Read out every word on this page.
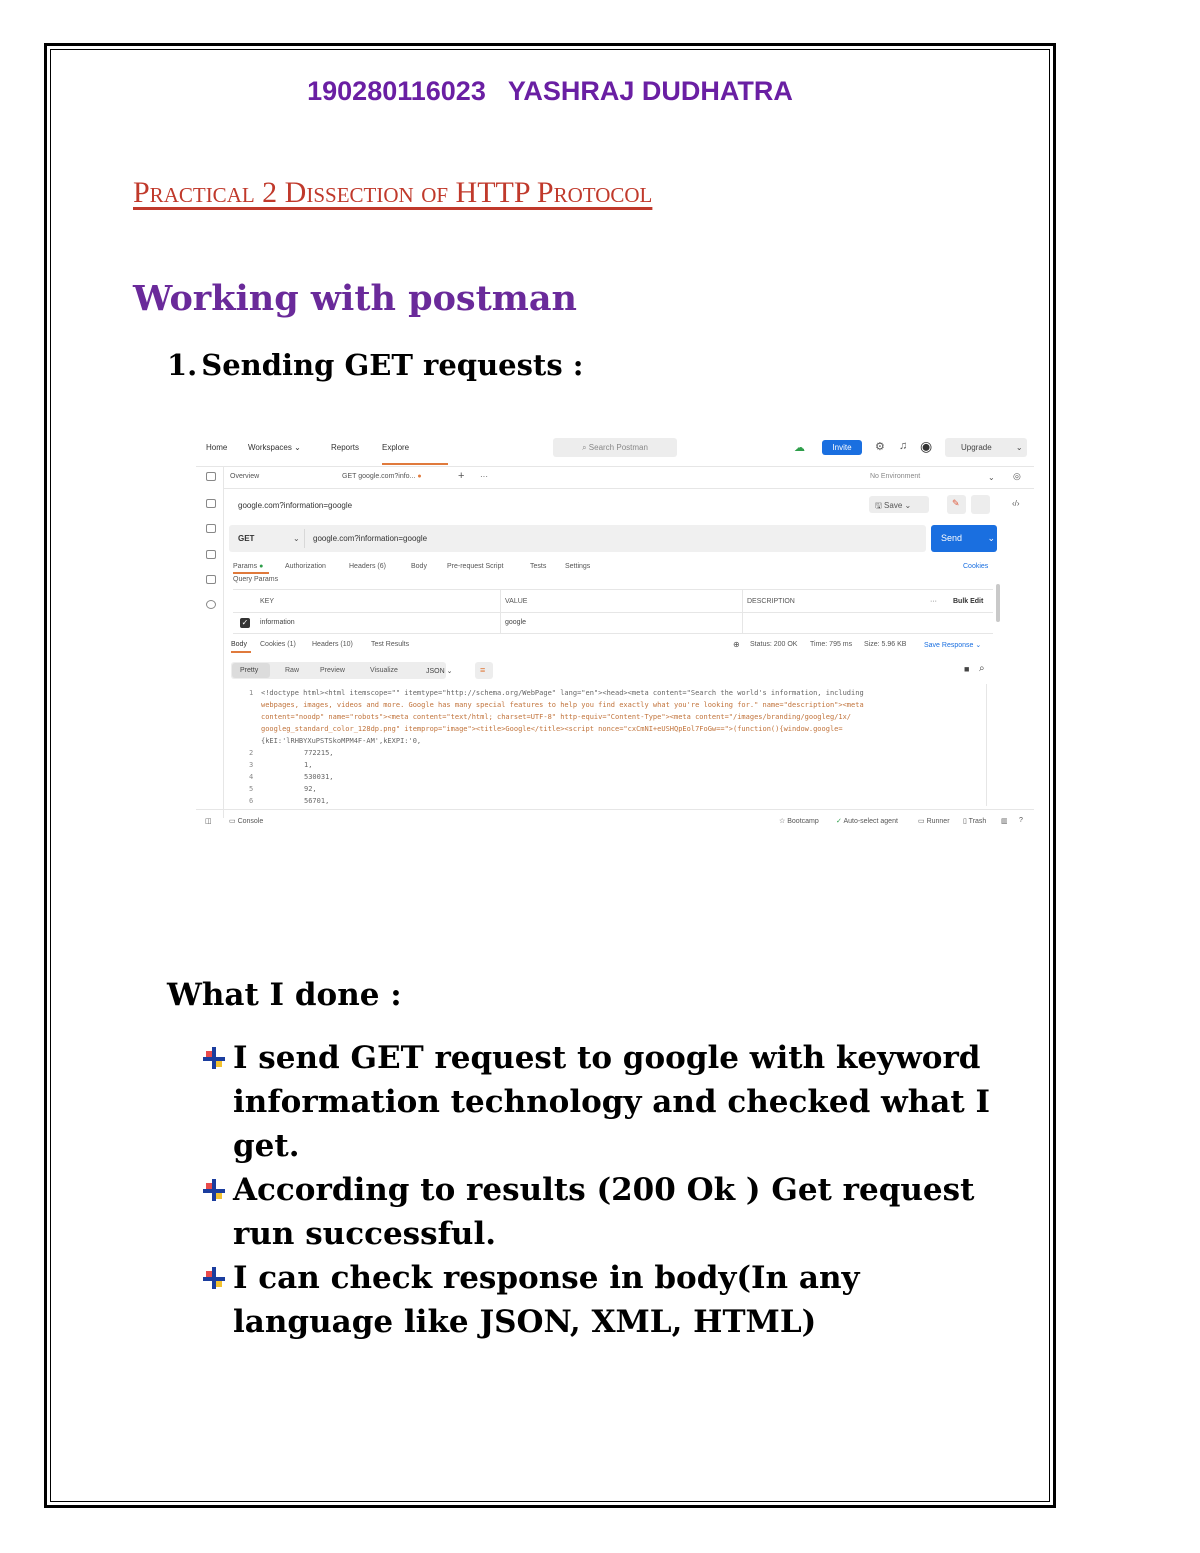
190280116023 YASHRAJ DUDHATRA
Practical 2 Dissection of HTTP Protocol
Working with postman
1. Sending GET requests :
Home	Workspaces ⌄	Reports	Explore	⌕ Search Postman	☁	Invite	⚙ ♫ ◉	Upgrade	⌄
Overview	GET google.com?info... ●	+ ···	No Environment	⌄ ◎
google.com?information=google	🖫 Save ⌄	✎	‹/›
GET	⌄ google.com?information=google	Send	⌄
Params ●	Authorization	Headers (6)	Body	Pre-request Script	Tests	Settings	Cookies
Query Params
KEY	VALUE	DESCRIPTION	··· Bulk Edit
✓ information	google
Body Cookies (1) Headers (10)	Test Results	⊕ Status: 200 OK Time: 795 ms Size: 5.96 KB	Save Response ⌄
Pretty	Raw	Preview	Visualize	JSON ⌄	≡	■ ⌕
1 <!doctype html><html itemscope="" itemtype="http://schema.org/WebPage" lang="en"><head><meta content="Search the world's information, including
webpages, images, videos and more. Google has many special features to help you find exactly what you're looking for." name="description"><meta
content="noodp" name="robots"><meta content="text/html; charset=UTF-8" http-equiv="Content-Type"><meta content="/images/branding/googleg/1x/
googleg_standard_color_128dp.png" itemprop="image"><title>Google</title><script nonce="cxCmNI+eUSHQpEol7FoGw==">(function(){window.google=
{kEI:'lRHBYXuPSTSkoMPM4F-AM',kEXPI:'0,
2	772215,
3	1,
4	530031,
5	92,
6	56701,
◫ ▭ Console	☆ Bootcamp ✓ Auto-select agent	▭ Runner ▯ Trash ▥ ?
What I done :
I send GET request to google with keyword information technology and checked what I get.
According to results (200 Ok ) Get request run successful.
I can check response in body(In any language like JSON, XML, HTML)
